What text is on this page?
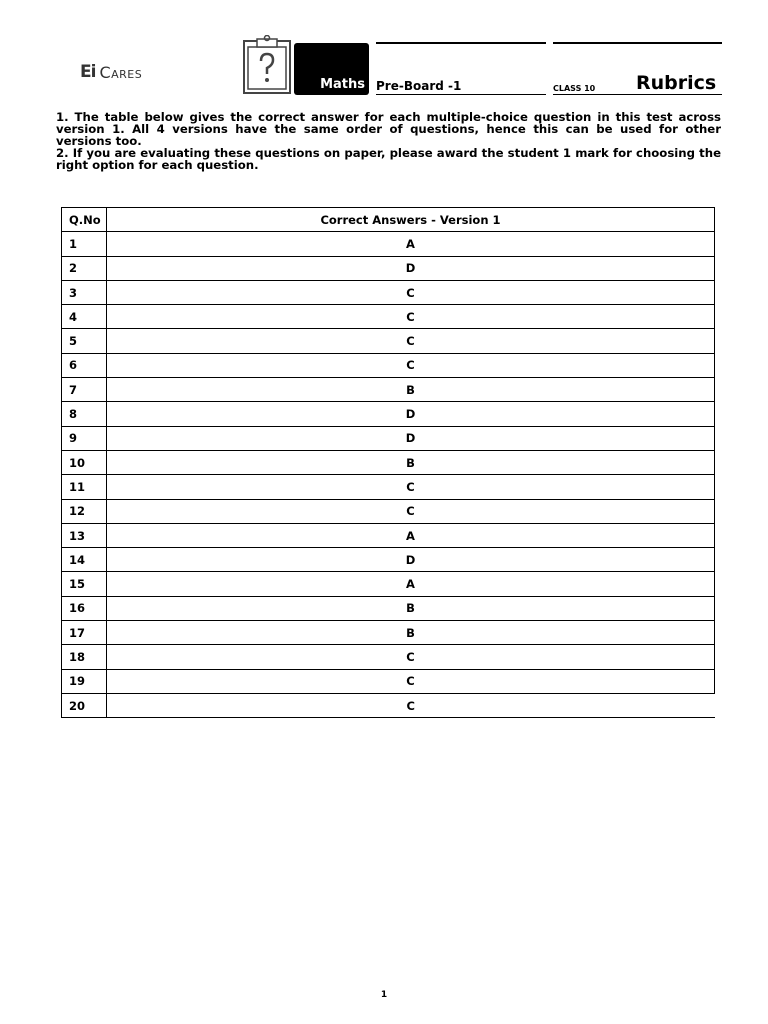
Ei Cares
Maths Pre-Board -1	CLASS 10 Rubrics

1. The table below gives the correct answer for each multiple-choice question in this test across version 1. All 4 versions have the same order of questions, hence this can be used for other versions too.

2. If you are evaluating these questions on paper, please award the student 1 mark for choosing the right option for each question.

Q.No	Correct Answers - Version 1
1	A
2	D
3	C
4	C
5	C
6	C
7	B
8	D
9	D
10	B
11	C
12	C
13	A
14	D
15	A
16	B
17	B
18	C
19	C
20	C
1
